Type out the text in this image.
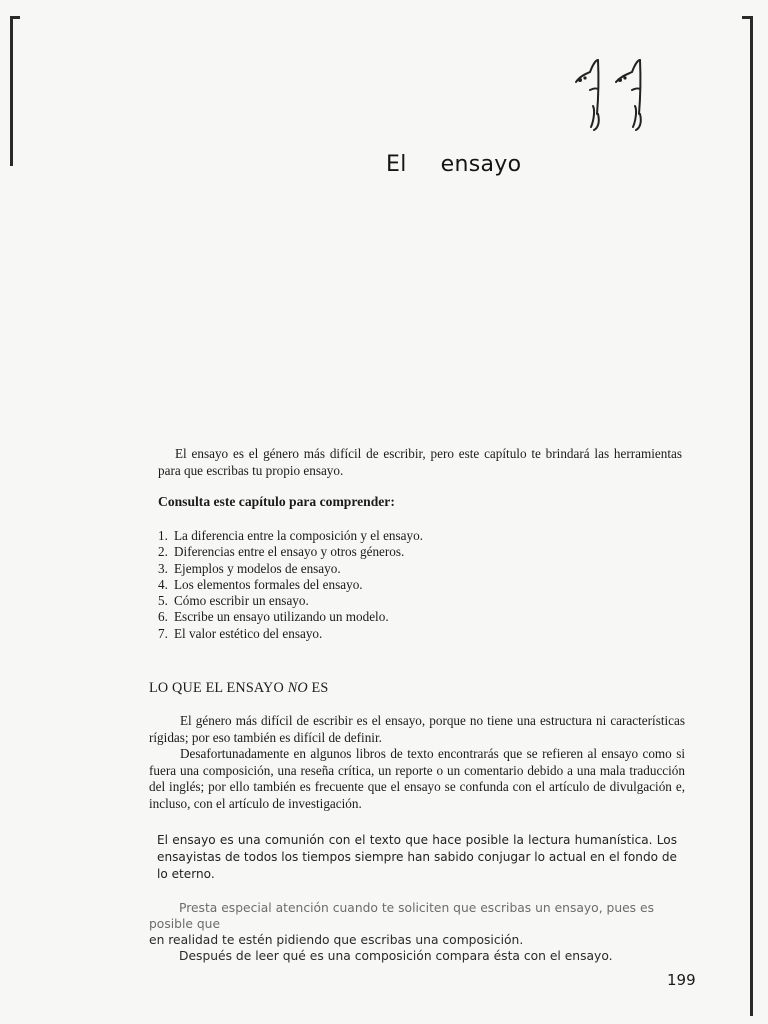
El ensayo
El ensayo es el género más difícil de escribir, pero este capítulo te brindará las herramientas para que escribas tu propio ensayo.
Consulta este capítulo para comprender:
1. La diferencia entre la composición y el ensayo.
2. Diferencias entre el ensayo y otros géneros.
3. Ejemplos y modelos de ensayo.
4. Los elementos formales del ensayo.
5. Cómo escribir un ensayo.
6. Escribe un ensayo utilizando un modelo.
7. El valor estético del ensayo.
LO QUE EL ENSAYO NO ES

El género más difícil de escribir es el ensayo, porque no tiene una estructura ni características rígidas; por eso también es difícil de definir.

Desafortunadamente en algunos libros de texto encontrarás que se refieren al ensayo como si fuera una composición, una reseña crítica, un reporte o un comentario debido a una mala traducción del inglés; por ello también es frecuente que el ensayo se confunda con el artículo de divulgación e, incluso, con el artículo de investigación.

El ensayo es una comunión con el texto que hace posible la lectura humanística. Los ensayistas de todos los tiempos siempre han sabido conjugar lo actual en el fondo de lo eterno.

Presta especial atención cuando te soliciten que escribas un ensayo, pues es posible que

en realidad te estén pidiendo que escribas una composición.

Después de leer qué es una composición compara ésta con el ensayo.

199
